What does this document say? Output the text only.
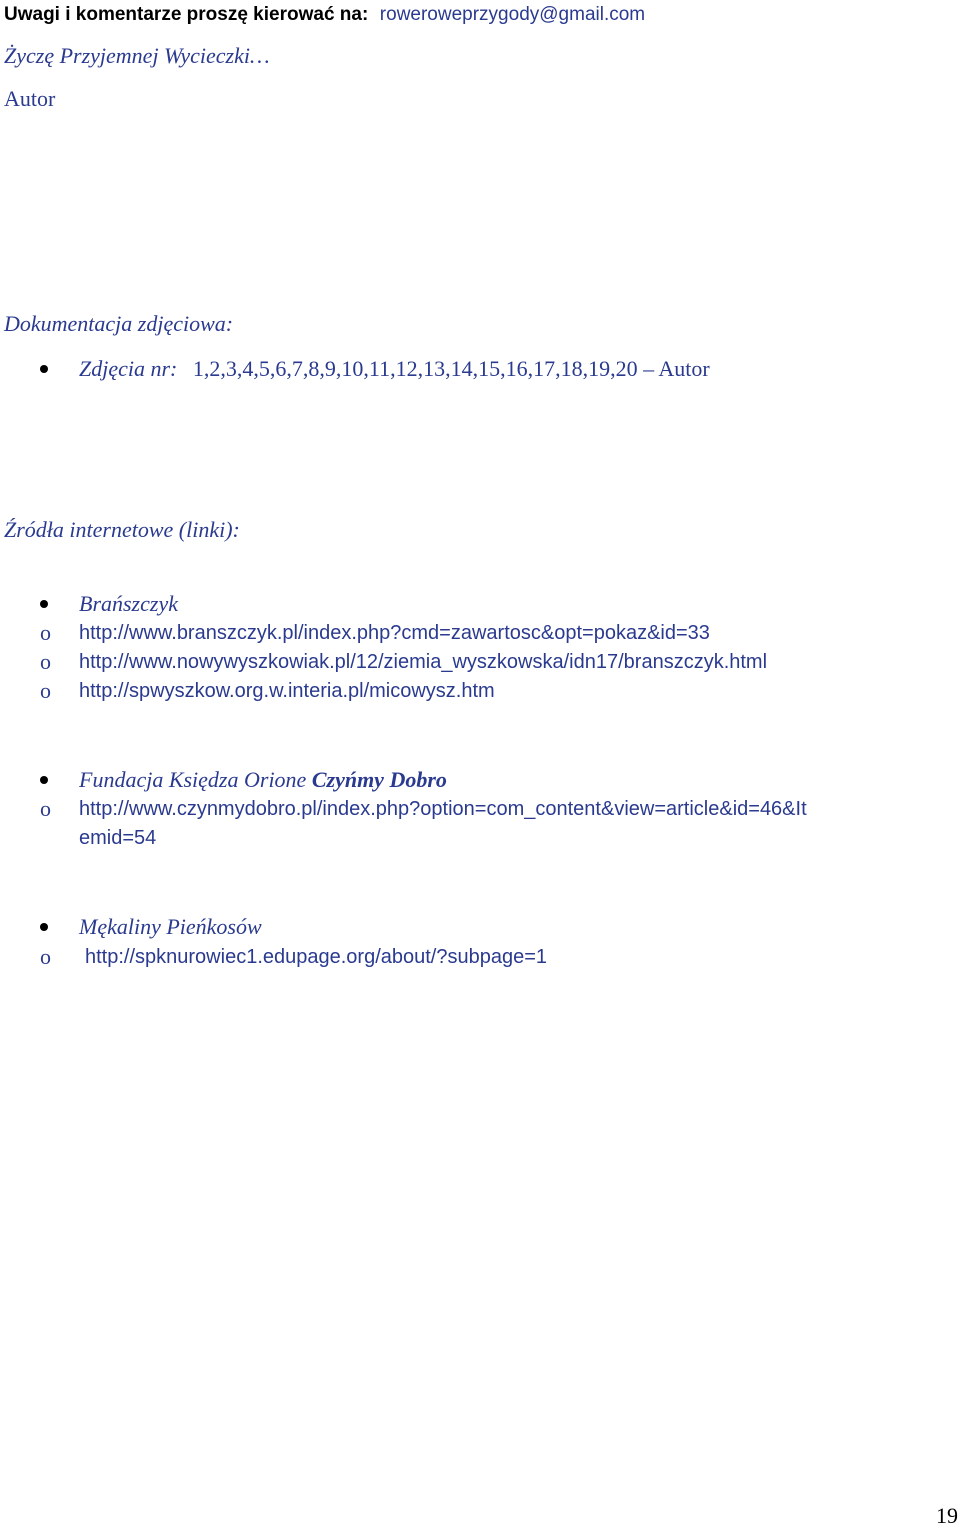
Uwagi i komentarze proszę kierować na: roweroweprzygody@gmail.com
Życzę Przyjemnej Wycieczki…
Autor
Dokumentacja zdjęciowa:
Zdjęcia nr: 1,2,3,4,5,6,7,8,9,10,11,12,13,14,15,16,17,18,19,20 – Autor
Źródła internetowe (linki):
Brańszczyk
o http://www.branszczyk.pl/index.php?cmd=zawartosc&opt=pokaz&id=33
o http://www.nowywyszkowiak.pl/12/ziemia_wyszkowska/idn17/branszczyk.html
o http://spwyszkow.org.w.interia.pl/micowysz.htm
Fundacja Księdza Orione Czyńmy Dobro
o http://www.czynmydobro.pl/index.php?option=com_content&view=article&id=46&It
emid=54
Mękaliny Pieńkosów
o http://spknurowiec1.edupage.org/about/?subpage=1
19
